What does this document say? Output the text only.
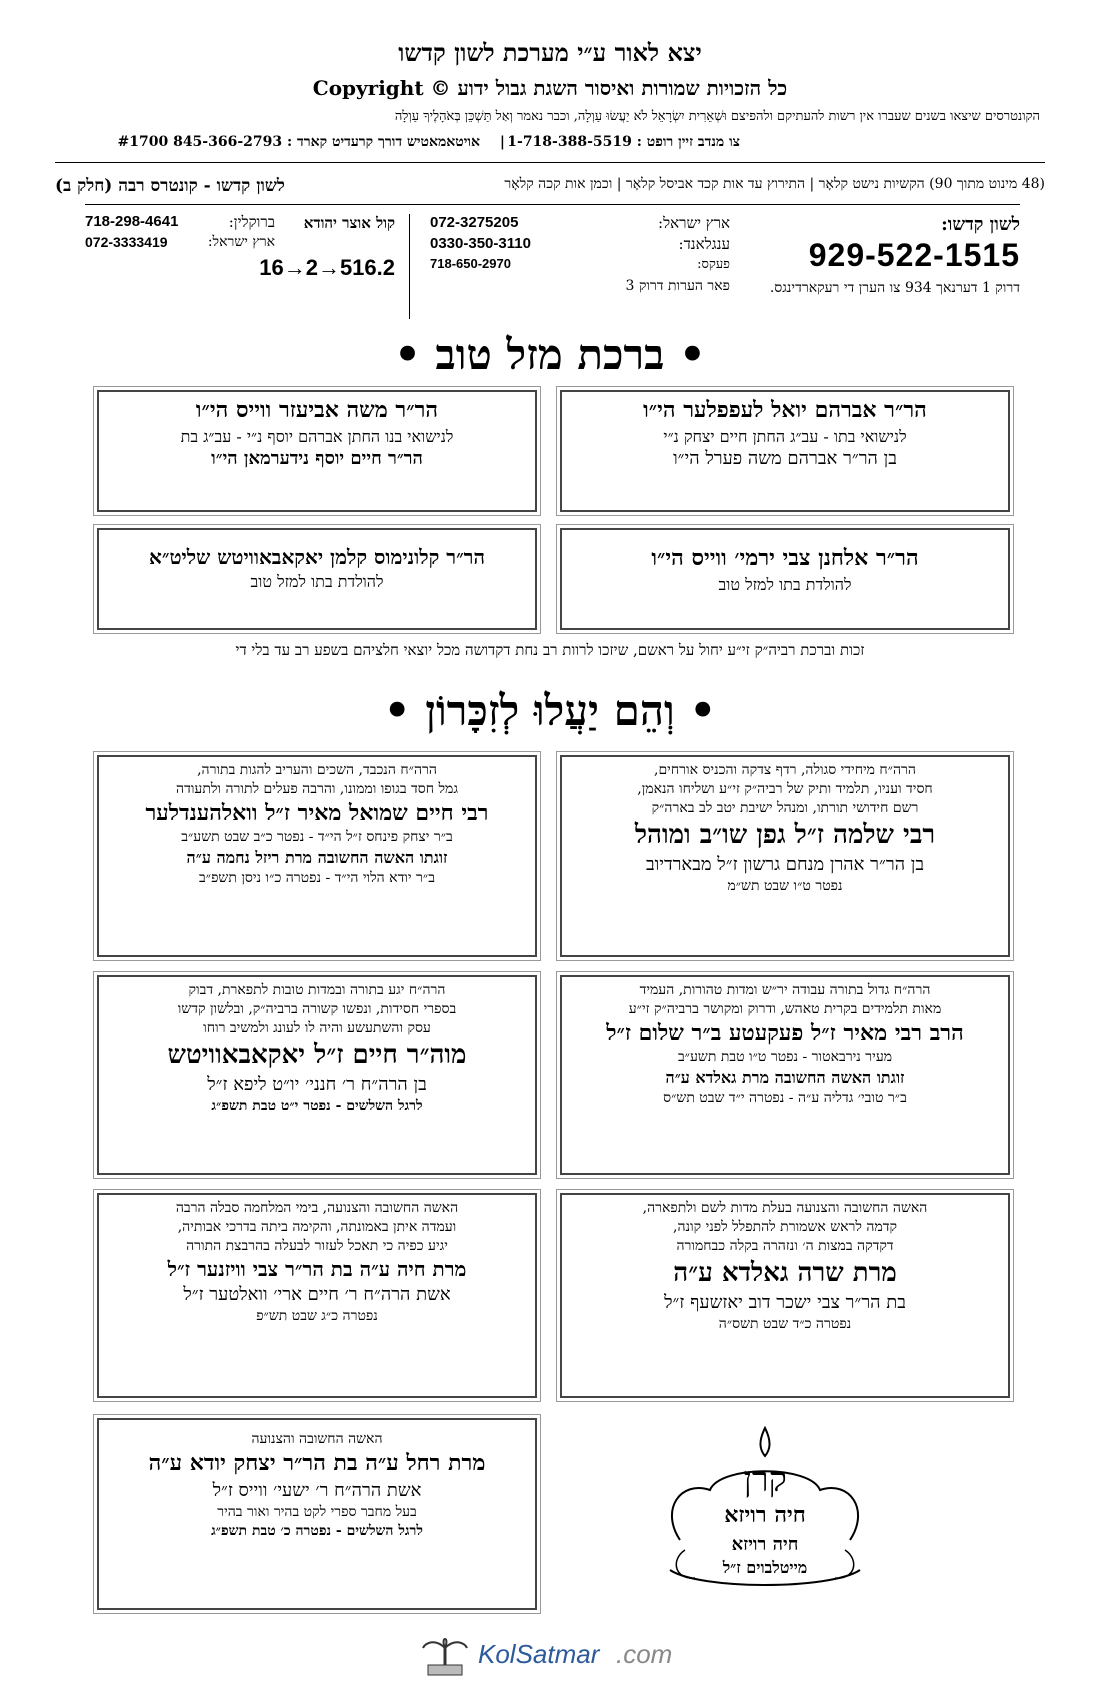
יצא לאור ע״י מערכת לשון קדשו
כל הזכויות שמורות ואיסור השגת גבול ידוע © Copyright
הקונטרסים שיצאו בשנים שעברו אין רשות להעתיקם ולהפיצם וּשְׁאֵרִית יִשְׂרָאֵל לֹא יַעֲשׂוּ עַוְלָה, וכבר נאמר וְאַל תַּשְׁכֵּן בְּאֹהָלֶיךָ עַוְלָה
צו מנדב זיין רופט : 1-718-388-5519
|
אויטאמאטיש דורך קרעדיט קארד : 845-366-2793 #1700
לשון קדשו - קונטרס רבה (חלק ב)	(48 מינוט מתוך 90) הקשיות נישט קלאָר | התירוץ עד אות קכד אביסל קלאָר | וכמן אות קכה קלאָר
לשון קדשו:
929-522-1515
דרוק 1 דערנאך 934 צו הערן די רעקארדינגס.
ארץ ישראל:
072-3275205
ענגלאנד:
0330-350-3110
פעקס:
718-650-2970
פאר הערות דרוק 3
קול אוצר יהודא
ברוקלין:
718-298-4641
ארץ ישראל:
072-3333419
16→2→516.2
• ברכת מזל טוב •
הר״ר אברהם יואל לעפפלער הי״ו
לנישואי בתו - עב״ג החתן חיים יצחק נ״י
בן הר״ר אברהם משה פערל הי״ו
הר״ר משה אביעזר ווייס הי״ו
לנישואי בנו החתן אברהם יוסף נ״י - עב״ג בת
הר״ר חיים יוסף נידערמאן הי״ו
הר״ר אלחנן צבי ירמי׳ ווייס הי״ו
להולדת בתו למזל טוב
הר״ר קלונימוס קלמן יאקאבאוויטש שליט״א
להולדת בתו למזל טוב
זכות וברכת רביה״ק זי״ע יחול על ראשם, שיזכו לרוות רב נחת דקדושה מכל יוצאי חלציהם בשפע רב עד בלי די
• וְהֵם יַעֲלוּ לְזִכָּרוֹן •
הרה״ח מיחידי סגולה, רדף צדקה והכניס אורחים,
חסיד ועניו, תלמיד ותיק של רביה״ק זי״ע ושליחו הנאמן,
רשם חידושי תורתו, ומנהל ישיבת יטב לב בארה״ק
רבי שלמה ז״ל גפן שו״ב ומוהל
בן הר״ר אהרן מנחם גרשון ז״ל מבארדיוב
נפטר ט״ו שבט תש״מ
הרה״ח הנכבד, השכים והעריב להגות בתורה,
גמל חסד בגופו וממונו, והרבה פעלים לתורה ולתעודה
רבי חיים שמואל מאיר ז״ל וואלהענדלער
ב״ר יצחק פינחס ז״ל הי״ד - נפטר כ״ב שבט תשע״ב
זוגתו האשה החשובה מרת ריזל נחמה ע״ה
ב״ר יודא הלוי הי״ד - נפטרה כ״ו ניסן תשפ״ב
הרה״ח גדול בתורה עבודה יר״ש ומדות טהורות, העמיד
מאות תלמידים בקרית טאהש, ודרוק ומקושר ברביה״ק זי״ע
הרב רבי מאיר ז״ל פעקעטע ב״ר שלום ז״ל
מעיר נירבאטור - נפטר ט״ו טבת תשע״ב
זוגתו האשה החשובה מרת גאלדא ע״ה
ב״ר טובי׳ גדליה ע״ה - נפטרה י״ד שבט תש״ס
הרה״ח יגע בתורה ובמדות טובות לתפארת, דבוק
בספרי חסידות, ונפשו קשורה ברביה״ק, ובלשון קדשו
עסק והשתעשע והיה לו לעונג ולמשיב רוחו
מוה״ר חיים ז״ל יאקאבאוויטש
בן הרה״ח ר׳ חנני׳ יו״ט ליפא ז״ל
לרגל השלשים - נפטר י״ט טבת תשפ״ג
האשה החשובה והצנועה בעלת מדות לשם ולתפארה,
קדמה לראש אשמורת להתפלל לפני קונה,
דקדקה במצות ה׳ ונזהרה בקלה כבחמורה
מרת שרה גאלדא ע״ה
בת הר״ר צבי ישכר דוב יאזשעף ז״ל
נפטרה כ״ד שבט תשס״ה
האשה החשובה והצנועה, בימי המלחמה סבלה הרבה
ועמדה איתן באמונתה, והקימה ביתה בדרכי אבותיה,
יגיע כפיה כי תאכל לעזור לבעלה בהרבצת התורה
מרת חיה ע״ה בת הר״ר צבי וויזנער ז״ל
אשת הרה״ח ר׳ חיים ארי׳ וואלטער ז״ל
נפטרה כ״ג שבט תש״פ
האשה החשובה והצנועה
מרת רחל ע״ה בת הר״ר יצחק יודא ע״ה
אשת הרה״ח ר׳ ישעי׳ ווייס ז״ל
בעל מחבר ספרי לקט בהיר ואור בהיר
לרגל השלשים - נפטרה כ׳ טבת תשפ״ג
קרן
חיה רויזא
חיה רויזא
מייטלבוים ז״ל
KolSatmar .com
